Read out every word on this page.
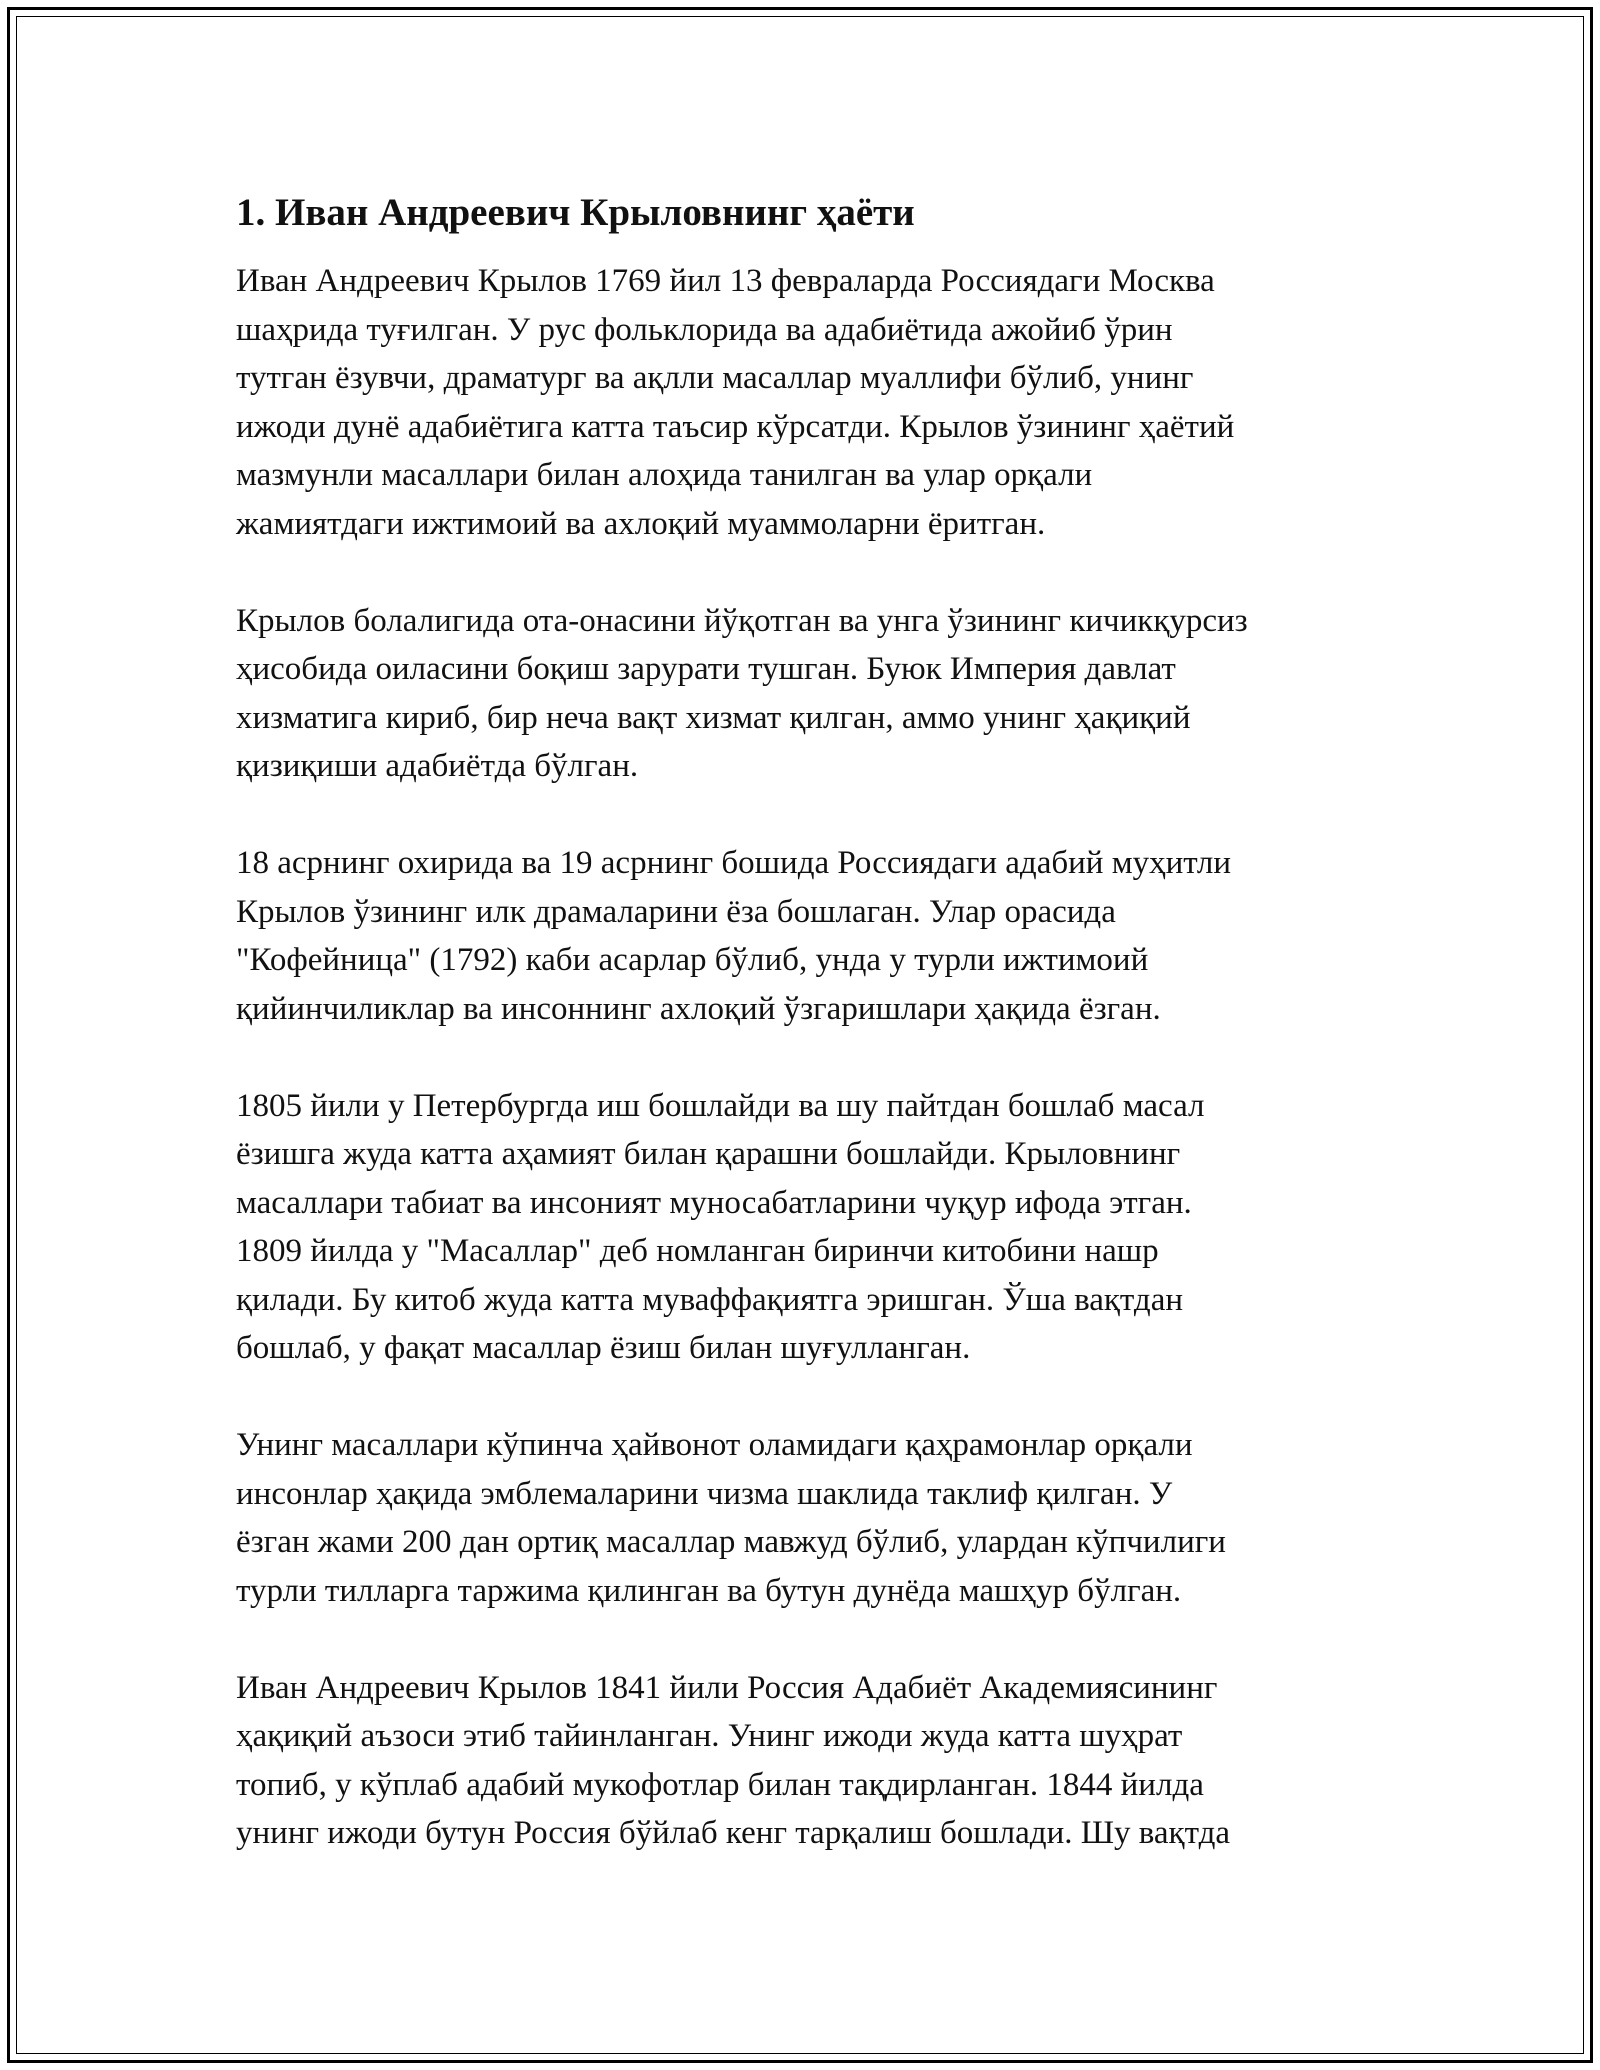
1. Иван Андреевич Крыловнинг ҳаёти

Иван Андреевич Крылов 1769 йил 13 февраларда Россиядаги Москва
шаҳрида туғилган. У рус фольклорида ва адабиётида ажойиб ўрин
тутган ёзувчи, драматург ва ақлли масаллар муаллифи бўлиб, унинг
ижоди дунё адабиётига катта таъсир кўрсатди. Крылов ўзининг ҳаётий
мазмунли масаллари билан алоҳида танилган ва улар орқали
жамиятдаги ижтимоий ва ахлоқий муаммоларни ёритган.

Крылов болалигида ота-онасини йўқотган ва унга ўзининг кичикқурсиз
ҳисобида оиласини боқиш зарурати тушган. Буюк Империя давлат
хизматига кириб, бир неча вақт хизмат қилган, аммо унинг ҳақиқий
қизиқиши адабиётда бўлган.

18 асрнинг охирида ва 19 асрнинг бошида Россиядаги адабий муҳитли
Крылов ўзининг илк драмаларини ёза бошлаган. Улар орасида
"Кофейница" (1792) каби асарлар бўлиб, унда у турли ижтимоий
қийинчиликлар ва инсоннинг ахлоқий ўзгаришлари ҳақида ёзган.

1805 йили у Петербургда иш бошлайди ва шу пайтдан бошлаб масал
ёзишга жуда катта аҳамият билан қарашни бошлайди. Крыловнинг
масаллари табиат ва инсоният муносабатларини чуқур ифода этган.
1809 йилда у "Масаллар" деб номланган биринчи китобини нашр
қилади. Бу китоб жуда катта муваффақиятга эришган. Ўша вақтдан
бошлаб, у фақат масаллар ёзиш билан шуғулланган.

Унинг масаллари кўпинча ҳайвонот оламидаги қаҳрамонлар орқали
инсонлар ҳақида эмблемаларини чизма шаклида таклиф қилган. У
ёзган жами 200 дан ортиқ масаллар мавжуд бўлиб, улардан кўпчилиги
турли тилларга таржима қилинган ва бутун дунёда машҳур бўлган.

Иван Андреевич Крылов 1841 йили Россия Адабиёт Академиясининг
ҳақиқий аъзоси этиб тайинланган. Унинг ижоди жуда катта шуҳрат
топиб, у кўплаб адабий мукофотлар билан тақдирланган. 1844 йилда
унинг ижоди бутун Россия бўйлаб кенг тарқалиш бошлади. Шу вақтда
